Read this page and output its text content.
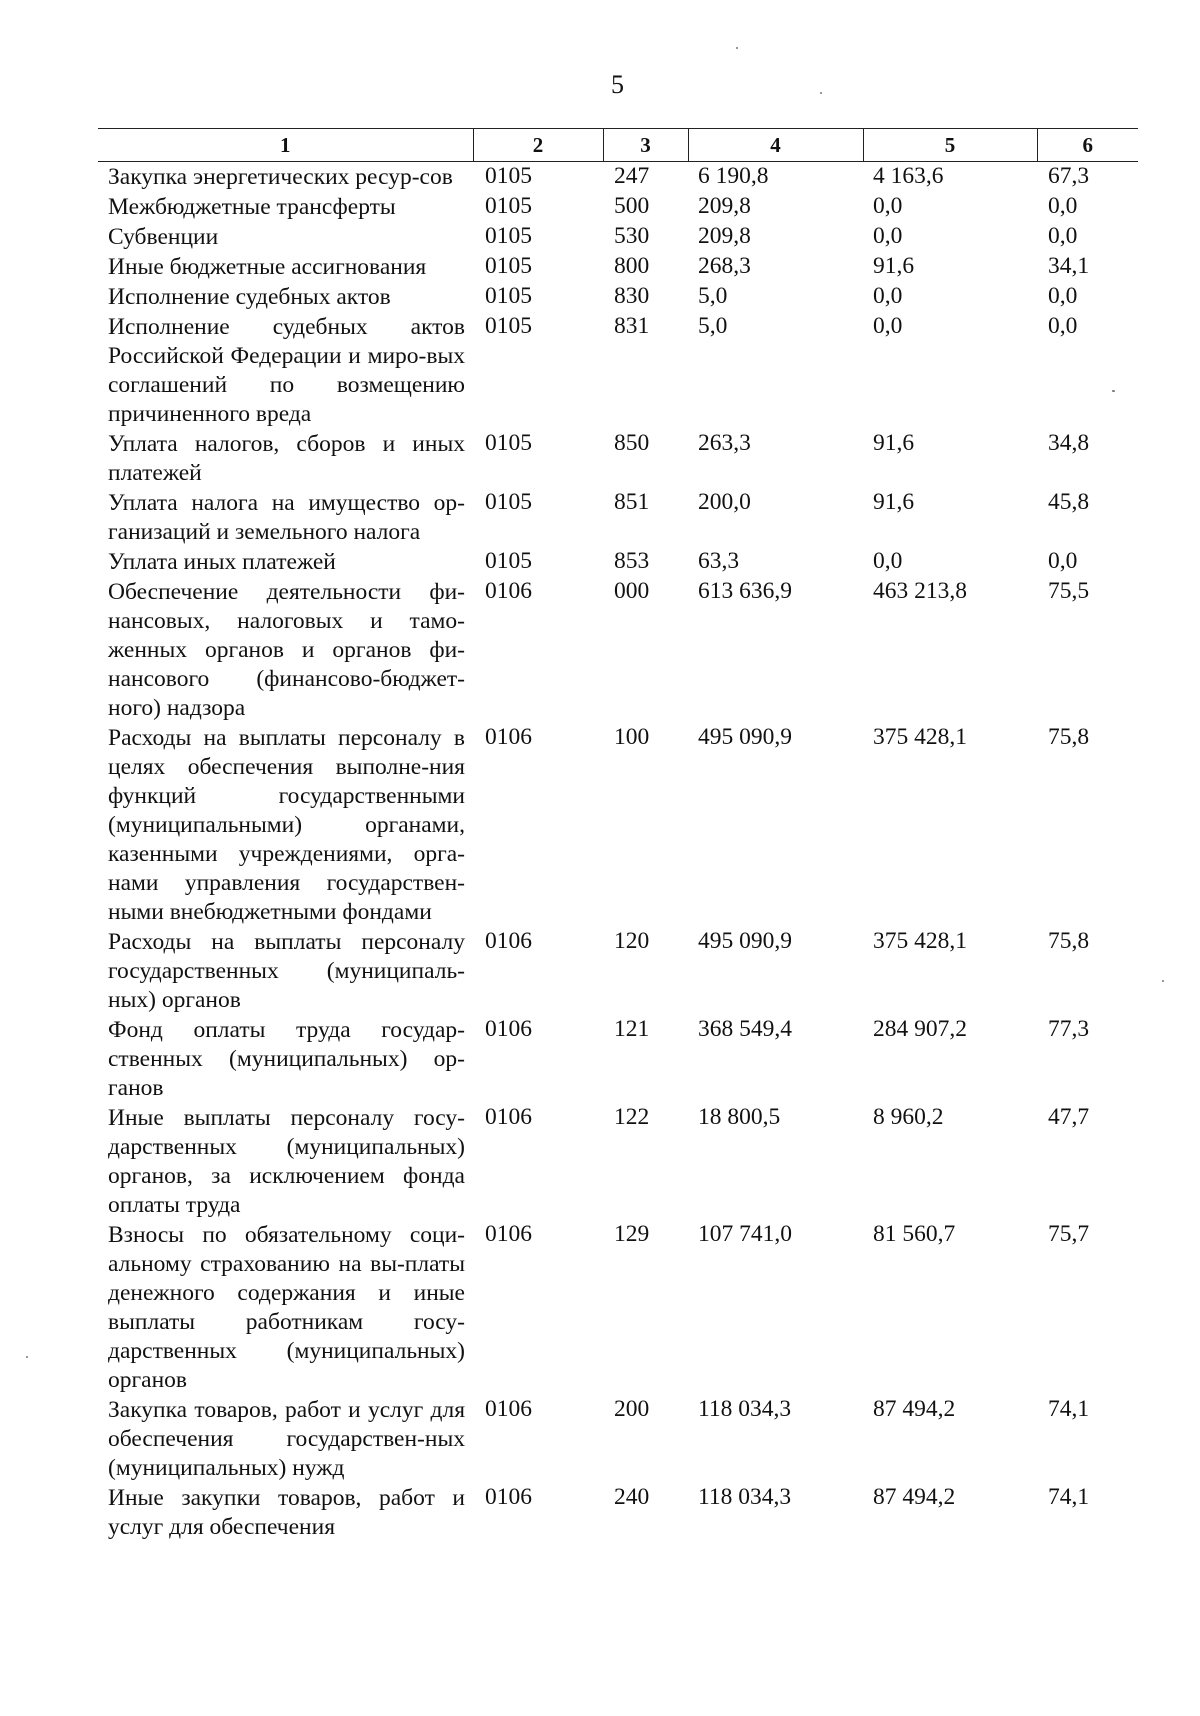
5
1	2	3	4	5	6
Закупка энергетических ресур-сов	0105	247	6 190,8	4 163,6	67,3
Межбюджетные трансферты	0105	500	209,8	0,0	0,0
Субвенции	0105	530	209,8	0,0	0,0
Иные бюджетные ассигнования	0105	800	268,3	91,6	34,1
Исполнение судебных актов	0105	830	5,0	0,0	0,0
Исполнение судебных актов Российской Федерации и миро-вых соглашений по возмещению причиненного вреда	0105	831	5,0	0,0	0,0
Уплата налогов, сборов и иных платежей	0105	850	263,3	91,6	34,8
Уплата налога на имущество ор-ганизаций и земельного налога	0105	851	200,0	91,6	45,8
Уплата иных платежей	0105	853	63,3	0,0	0,0
Обеспечение деятельности фи-нансовых, налоговых и тамо-женных органов и органов фи-нансового (финансово-бюджет-ного) надзора	0106	000	613 636,9	463 213,8	75,5
Расходы на выплаты персоналу в целях обеспечения выполне-ния функций государственными (муниципальными) органами, казенными учреждениями, орга-нами управления государствен-ными внебюджетными фондами	0106	100	495 090,9	375 428,1	75,8
Расходы на выплаты персоналу государственных (муниципаль-ных) органов	0106	120	495 090,9	375 428,1	75,8
Фонд оплаты труда государ-ственных (муниципальных) ор-ганов	0106	121	368 549,4	284 907,2	77,3
Иные выплаты персоналу госу-дарственных (муниципальных) органов, за исключением фонда оплаты труда	0106	122	18 800,5	8 960,2	47,7
Взносы по обязательному соци-альному страхованию на вы-платы денежного содержания и иные выплаты работникам госу-дарственных (муниципальных) органов	0106	129	107 741,0	81 560,7	75,7
Закупка товаров, работ и услуг для обеспечения государствен-ных (муниципальных) нужд	0106	200	118 034,3	87 494,2	74,1
Иные закупки товаров, работ и услуг для обеспечения	0106	240	118 034,3	87 494,2	74,1
